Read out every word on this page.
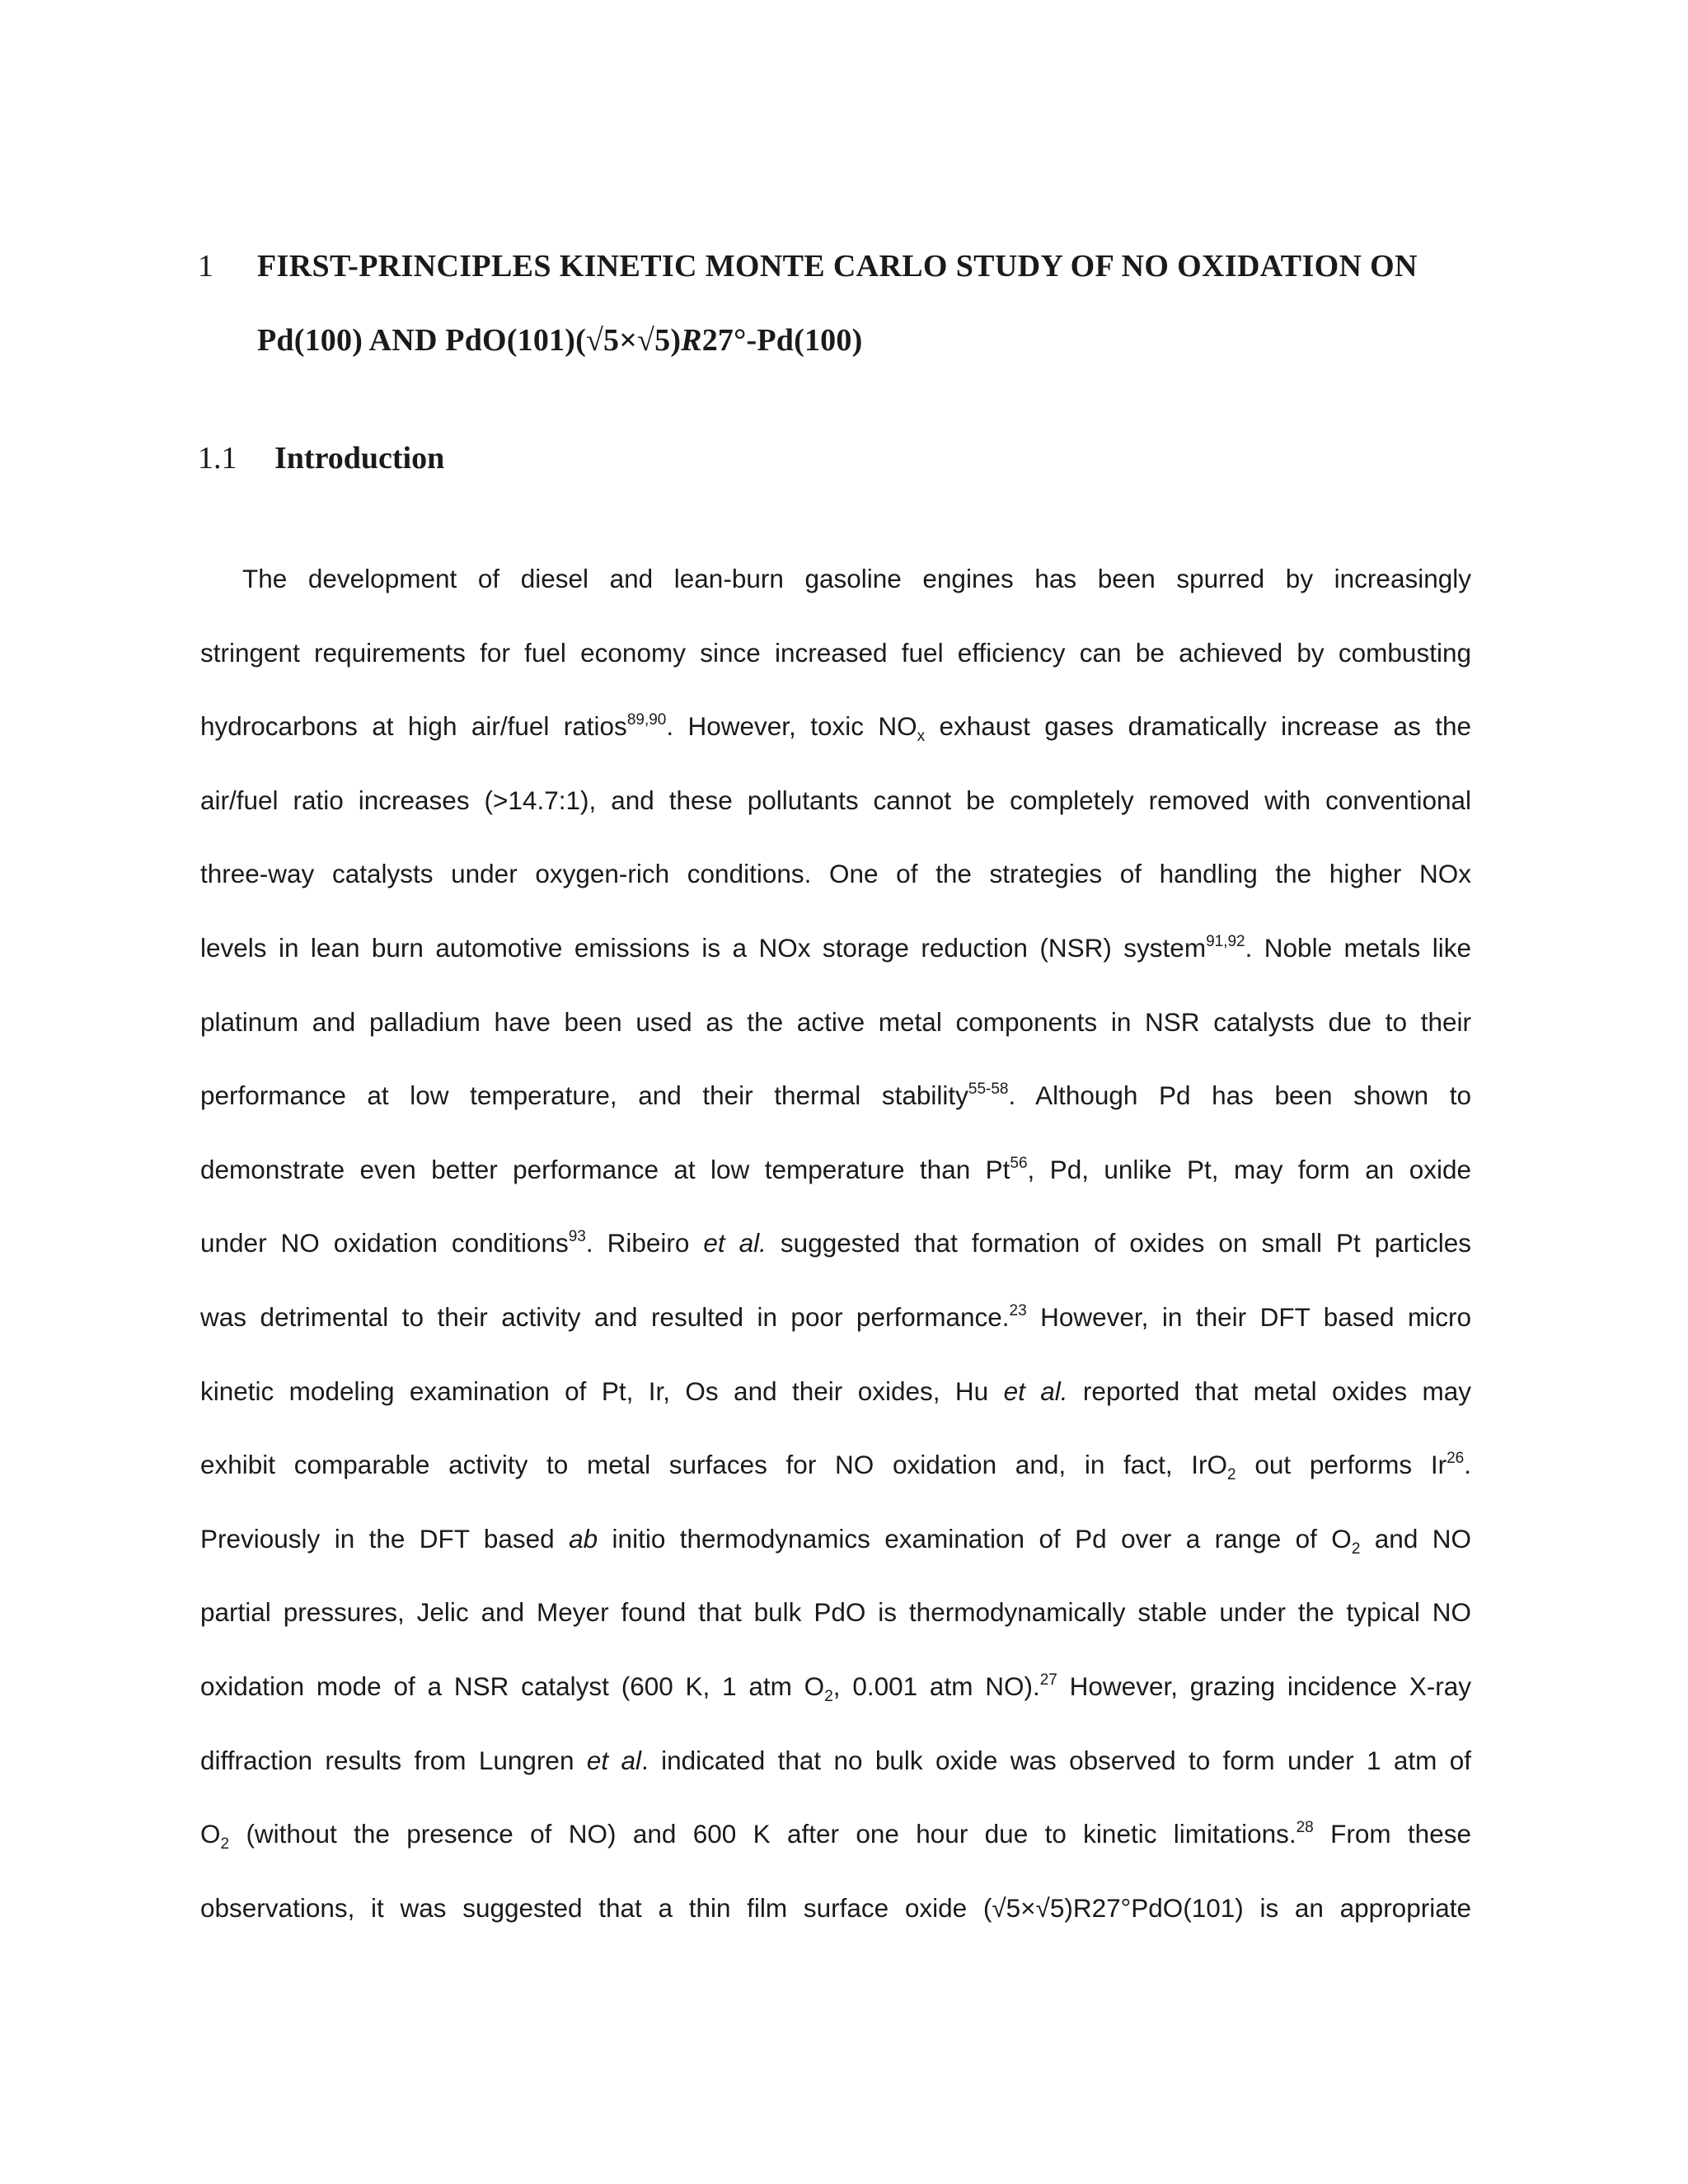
1 FIRST-PRINCIPLES KINETIC MONTE CARLO STUDY OF NO OXIDATION ON
Pd(100) AND PdO(101)(√5×√5)R27°-Pd(100)
1.1 Introduction
The development of diesel and lean-burn gasoline engines has been spurred by increasingly
stringent requirements for fuel economy since increased fuel efficiency can be achieved by combusting
hydrocarbons at high air/fuel ratios$^{89,90}$. However, toxic $NO_x$ exhaust gases dramatically increase as the
air/fuel ratio increases (>14.7:1), and these pollutants cannot be completely removed with conventional
three-way catalysts under oxygen-rich conditions. One of the strategies of handling the higher NOx
levels in lean burn automotive emissions is a NOx storage reduction (NSR) system$^{91,92}$. Noble metals like
platinum and palladium have been used as the active metal components in NSR catalysts due to their
performance at low temperature, and their thermal stability$^{55-58}$. Although Pd has been shown to
demonstrate even better performance at low temperature than Pt$^{56}$, Pd, unlike Pt, may form an oxide
under NO oxidation conditions$^{93}$. Ribeiro et al. suggested that formation of oxides on small Pt particles
was detrimental to their activity and resulted in poor performance.$^{23}$ However, in their DFT based micro
kinetic modeling examination of Pt, Ir, Os and their oxides, Hu et al. reported that metal oxides may
exhibit comparable activity to metal surfaces for NO oxidation and, in fact, IrO$_2$ out performs Ir$^{26}$.
Previously in the DFT based ab initio thermodynamics examination of Pd over a range of $O_2$ and NO
partial pressures, Jelic and Meyer found that bulk PdO is thermodynamically stable under the typical NO
oxidation mode of a NSR catalyst (600 K, 1 atm $O_2$, 0.001 atm NO).$^{27}$ However, grazing incidence X-ray
diffraction results from Lungren et al. indicated that no bulk oxide was observed to form under 1 atm of
$O_2$ (without the presence of NO) and 600 K after one hour due to kinetic limitations.$^{28}$ From these
observations, it was suggested that a thin film surface oxide (√5×√5)R27°PdO(101) is an appropriate
